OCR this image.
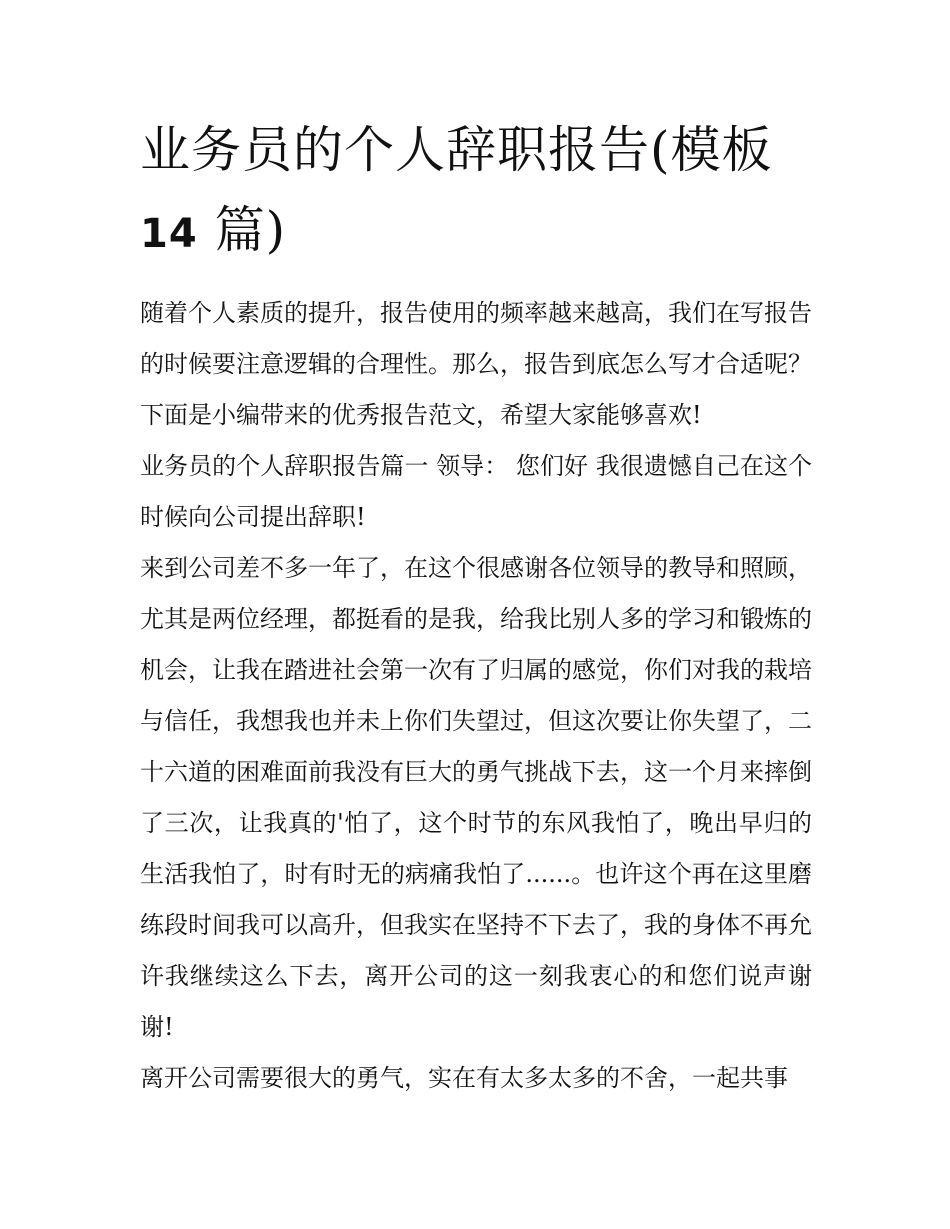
业务员的个人辞职报告(模板
14 篇)

随着个人素质的提升，报告使用的频率越来越高，我们在写报告的时候要注意逻辑的合理性。那么，报告到底怎么写才合适呢？下面是小编带来的优秀报告范文，希望大家能够喜欢!

业务员的个人辞职报告篇一 领导： 您们好 我很遗憾自己在这个时候向公司提出辞职!

来到公司差不多一年了，在这个很感谢各位领导的教导和照顾，尤其是两位经理，都挺看的是我，给我比别人多的学习和锻炼的机会，让我在踏进社会第一次有了归属的感觉，你们对我的栽培与信任，我想我也并未上你们失望过，但这次要让你失望了，二十六道的困难面前我没有巨大的勇气挑战下去，这一个月来摔倒了三次，让我真的'怕了，这个时节的东风我怕了，晚出早归的生活我怕了，时有时无的病痛我怕了......。也许这个再在这里磨练段时间我可以高升，但我实在坚持不下去了，我的身体不再允许我继续这么下去，离开公司的这一刻我衷心的和您们说声谢谢!

离开公司需要很大的勇气，实在有太多太多的不舍，一起共事
